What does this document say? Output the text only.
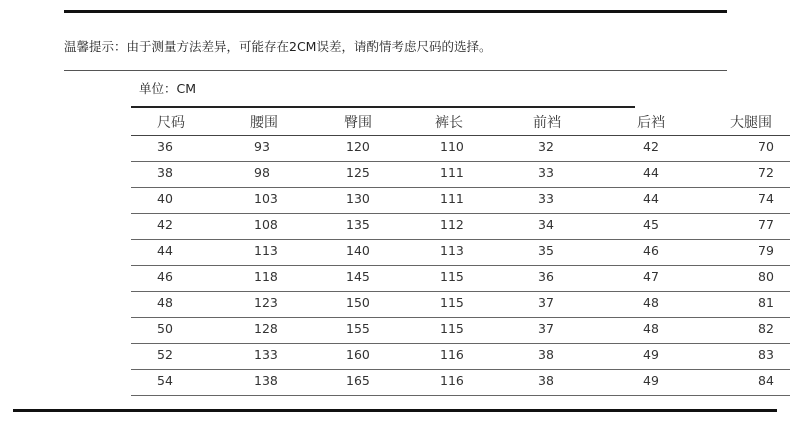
温馨提示：由于测量方法差异，可能存在2CM误差，请酌情考虑尺码的选择。
单位：CM
尺码	腰围	臀围	裤长	前裆	后裆	大腿围
36	93	120	110	32	42	70
38	98	125	111	33	44	72
40	103	130	111	33	44	74
42	108	135	112	34	45	77
44	113	140	113	35	46	79
46	118	145	115	36	47	80
48	123	150	115	37	48	81
50	128	155	115	37	48	82
52	133	160	116	38	49	83
54	138	165	116	38	49	84
